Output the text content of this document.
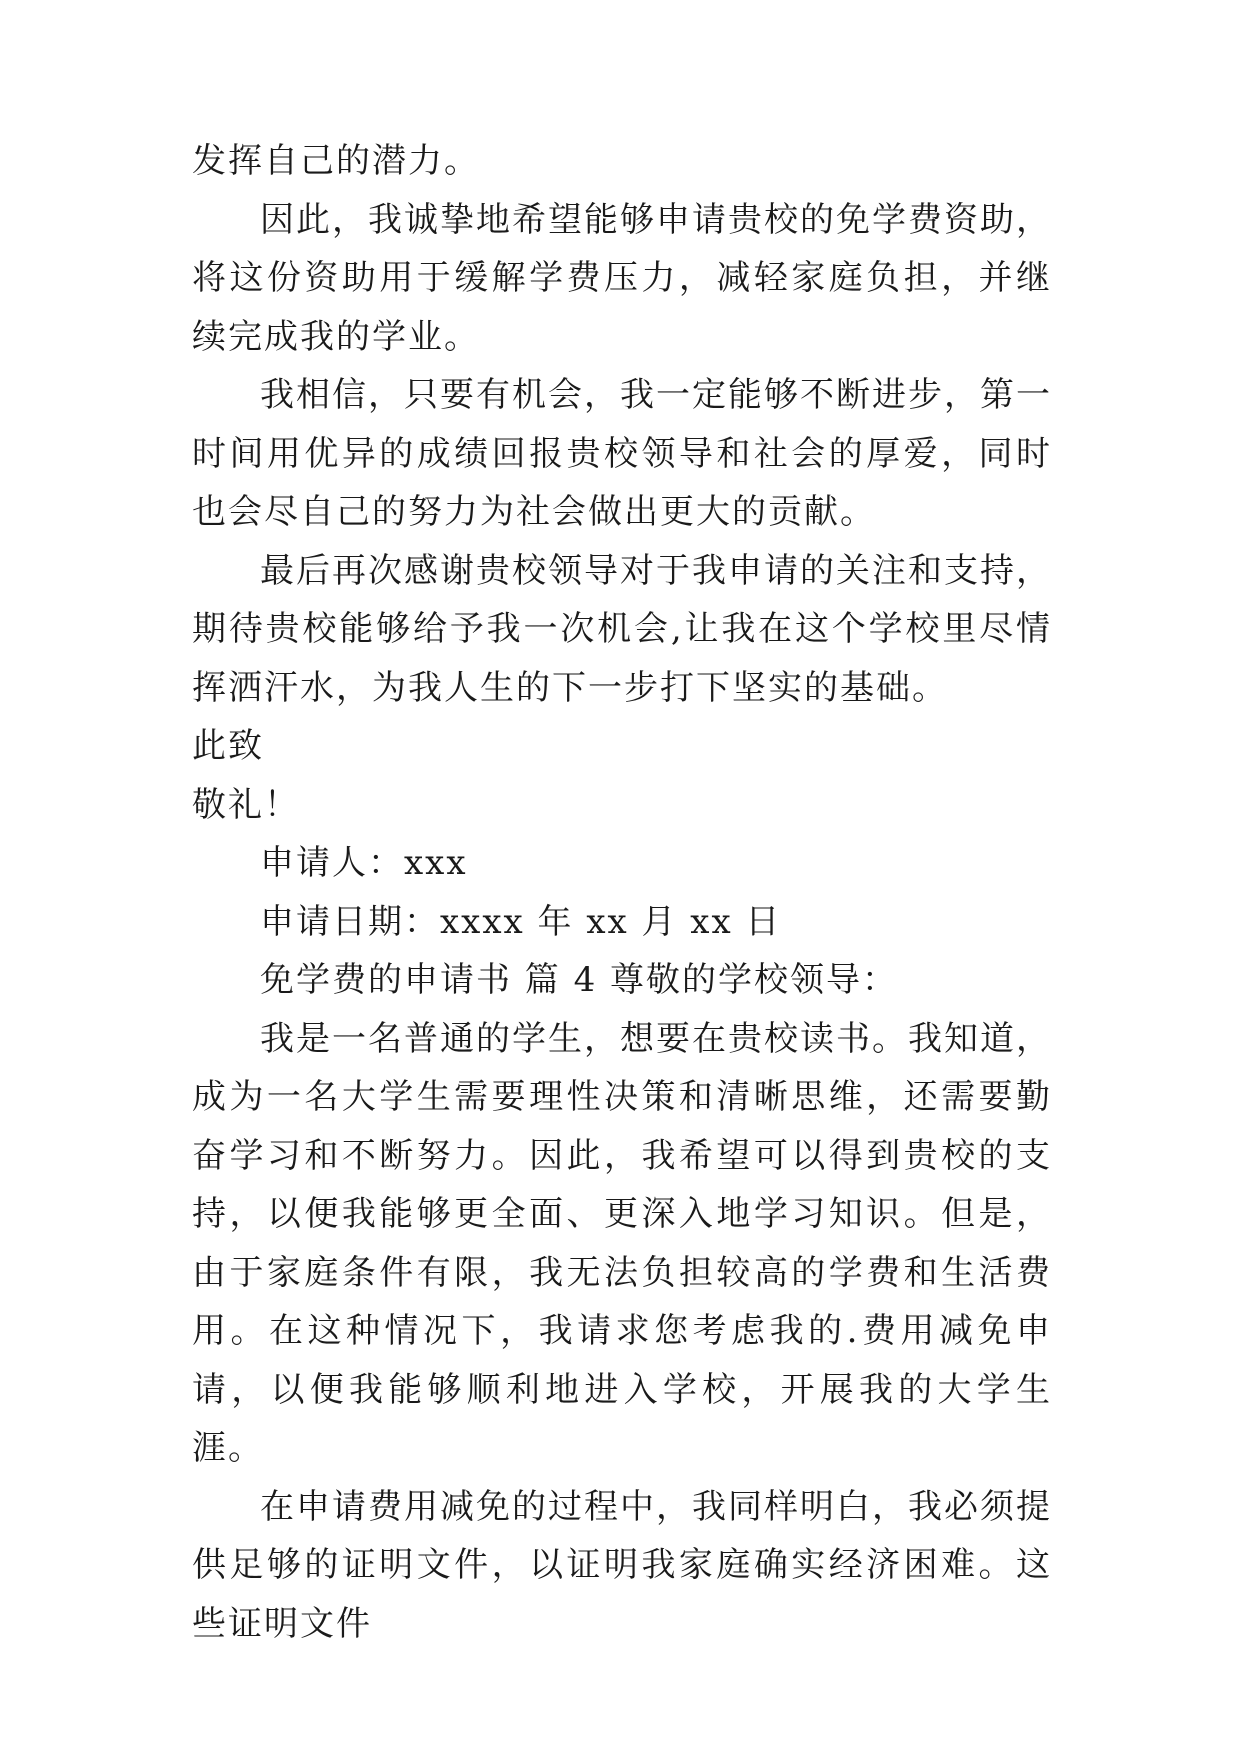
发挥自己的潜力。

因此，我诚挚地希望能够申请贵校的免学费资助，将这份资助用于缓解学费压力，减轻家庭负担，并继续完成我的学业。

我相信，只要有机会，我一定能够不断进步，第一时间用优异的成绩回报贵校领导和社会的厚爱，同时也会尽自己的努力为社会做出更大的贡献。

最后再次感谢贵校领导对于我申请的关注和支持，期待贵校能够给予我一次机会,让我在这个学校里尽情挥洒汗水，为我人生的下一步打下坚实的基础。

此致

敬礼！

申请人：xxx

申请日期：xxxx 年 xx 月 xx 日

免学费的申请书 篇 4 尊敬的学校领导：

我是一名普通的学生，想要在贵校读书。我知道，成为一名大学生需要理性决策和清晰思维，还需要勤奋学习和不断努力。因此，我希望可以得到贵校的支持，以便我能够更全面、更深入地学习知识。但是，由于家庭条件有限，我无法负担较高的学费和生活费用。在这种情况下，我请求您考虑我的.费用减免申请，以便我能够顺利地进入学校，开展我的大学生涯。

在申请费用减免的过程中，我同样明白，我必须提供足够的证明文件，以证明我家庭确实经济困难。这些证明文件
